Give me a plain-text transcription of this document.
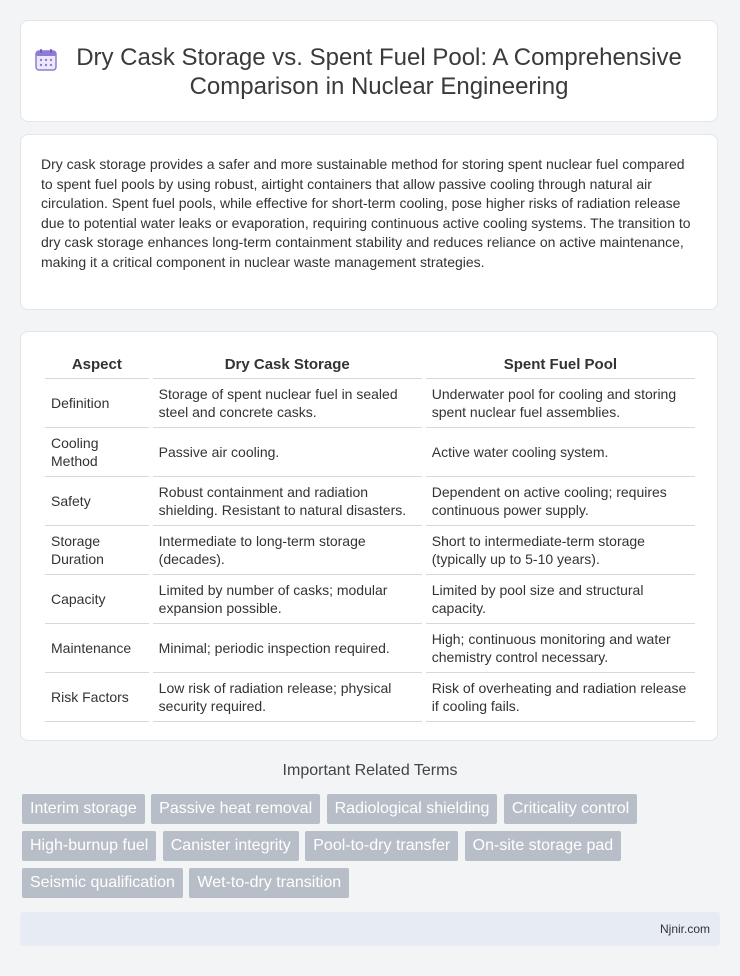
Dry Cask Storage vs. Spent Fuel Pool: A Comprehensive Comparison in Nuclear Engineering

Dry cask storage provides a safer and more sustainable method for storing spent nuclear fuel compared to spent fuel pools by using robust, airtight containers that allow passive cooling through natural air circulation. Spent fuel pools, while effective for short-term cooling, pose higher risks of radiation release due to potential water leaks or evaporation, requiring continuous active cooling systems. The transition to dry cask storage enhances long-term containment stability and reduces reliance on active maintenance, making it a critical component in nuclear waste management strategies.

Aspect	Dry Cask Storage	Spent Fuel Pool
Definition	Storage of spent nuclear fuel in sealed steel and concrete casks.	Underwater pool for cooling and storing spent nuclear fuel assemblies.
Cooling Method	Passive air cooling.	Active water cooling system.
Safety	Robust containment and radiation shielding. Resistant to natural disasters.	Dependent on active cooling; requires continuous power supply.
Storage Duration	Intermediate to long-term storage (decades).	Short to intermediate-term storage (typically up to 5-10 years).
Capacity	Limited by number of casks; modular expansion possible.	Limited by pool size and structural capacity.
Maintenance	Minimal; periodic inspection required.	High; continuous monitoring and water chemistry control necessary.
Risk Factors	Low risk of radiation release; physical security required.	Risk of overheating and radiation release if cooling fails.
Important Related Terms
Interim storage Passive heat removal Radiological shielding Criticality control High-burnup fuel Canister integrity Pool-to-dry transfer On-site storage pad Seismic qualification Wet-to-dry transition
Njnir.com
